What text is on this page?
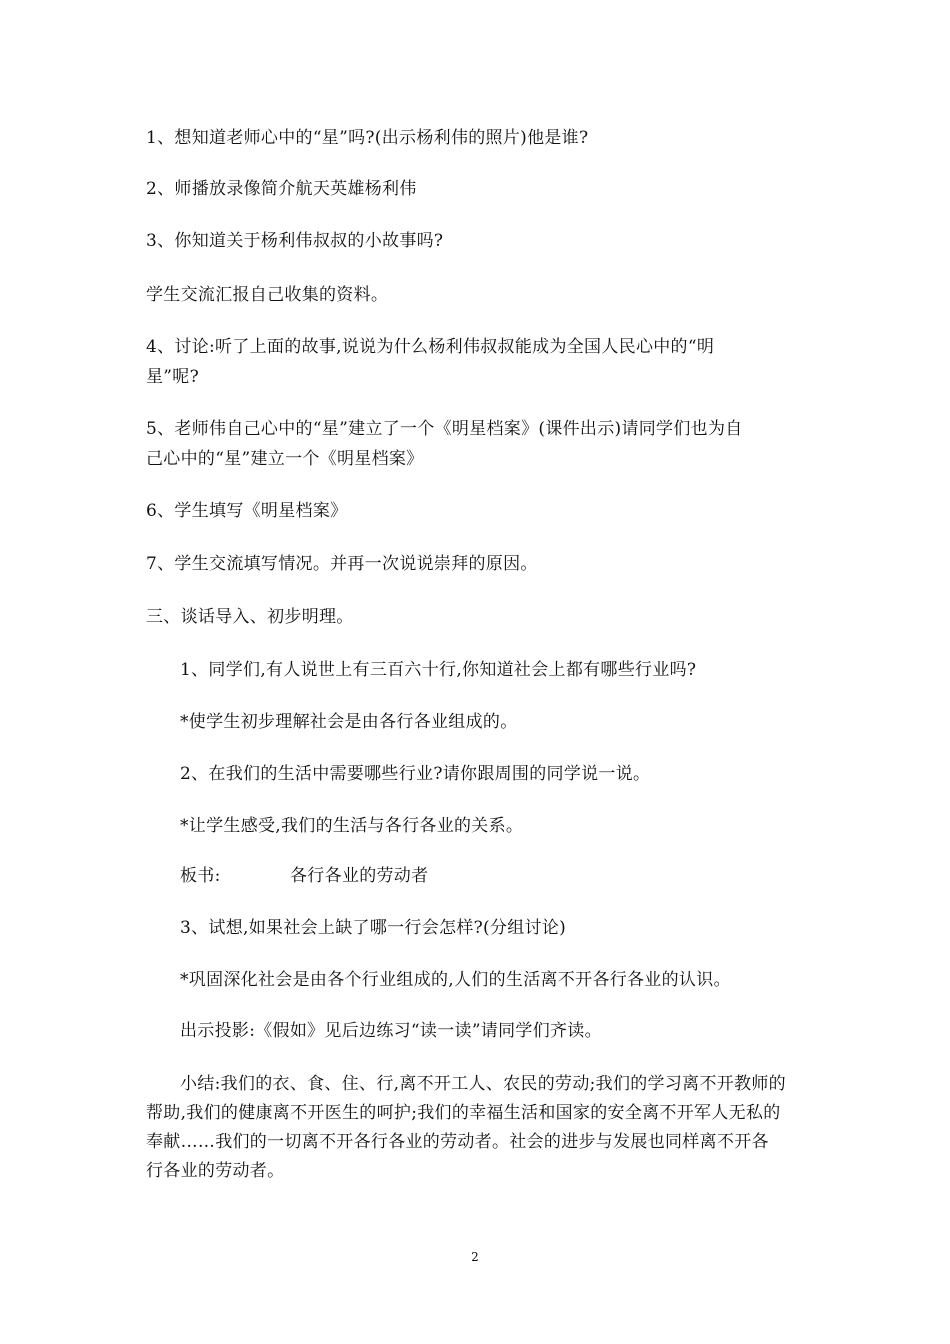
1、想知道老师心中的“星”吗?(出示杨利伟的照片)他是谁?
2、师播放录像简介航天英雄杨利伟
3、你知道关于杨利伟叔叔的小故事吗?
学生交流汇报自己收集的资料。
4、讨论:听了上面的故事,说说为什么杨利伟叔叔能成为全国人民心中的“明
星”呢?
5、老师伟自己心中的“星”建立了一个《明星档案》(课件出示)请同学们也为自
己心中的“星”建立一个《明星档案》
6、学生填写《明星档案》
7、学生交流填写情况。并再一次说说崇拜的原因。
三、谈话导入、初步明理。
1、同学们,有人说世上有三百六十行,你知道社会上都有哪些行业吗?
*使学生初步理解社会是由各行各业组成的。
2、在我们的生活中需要哪些行业?请你跟周围的同学说一说。
*让学生感受,我们的生活与各行各业的关系。
板书:	各行各业的劳动者
3、试想,如果社会上缺了哪一行会怎样?(分组讨论)
*巩固深化社会是由各个行业组成的,人们的生活离不开各行各业的认识。
出示投影:《假如》见后边练习“读一读”请同学们齐读。
小结:我们的衣、食、住、行,离不开工人、农民的劳动;我们的学习离不开教师的帮助,我们的健康离不开医生的呵护;我们的幸福生活和国家的安全离不开军人无私的奉献……我们的一切离不开各行各业的劳动者。社会的进步与发展也同样离不开各行各业的劳动者。
2
